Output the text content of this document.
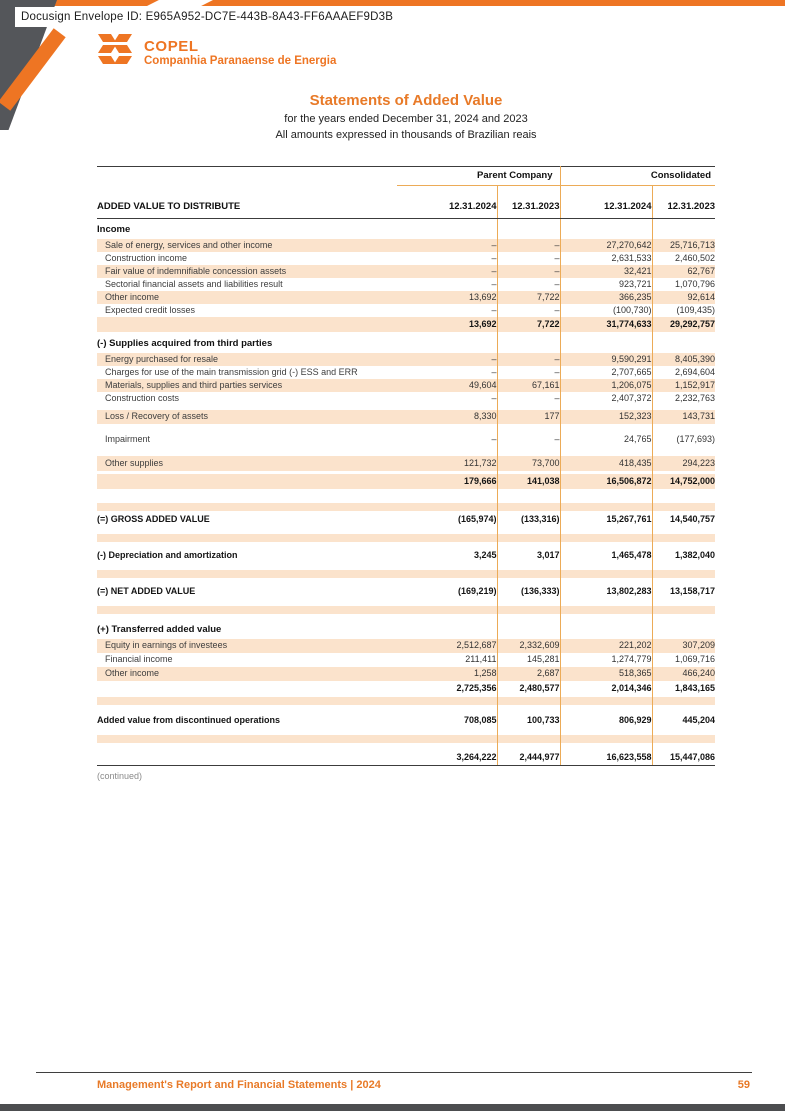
Docusign Envelope ID: E965A952-DC7E-443B-8A43-FF6AAAEF9D3B
COPEL
Companhia Paranaense de Energia
Statements of Added Value
for the years ended December 31, 2024 and 2023
All amounts expressed in thousands of Brazilian reais
	Parent Company		Consolidated	
ADDED VALUE TO DISTRIBUTE	12.31.2024	12.31.2023	12.31.2024	12.31.2023
Income				
Sale of energy, services and other income	–	–	27,270,642	25,716,713
Construction income	–	–	2,631,533	2,460,502
Fair value of indemnifiable concession assets	–	–	32,421	62,767
Sectorial financial assets and liabilities result	–	–	923,721	1,070,796
Other income	13,692	7,722	366,235	92,614
Expected credit losses	–	–	(100,730)	(109,435)
	13,692	7,722	31,774,633	29,292,757
(-) Supplies acquired from third parties				
Energy purchased for resale	–	–	9,590,291	8,405,390
Charges for use of the main transmission grid (-) ESS and ERR	–	–	2,707,665	2,694,604
Materials, supplies and third parties services	49,604	67,161	1,206,075	1,152,917
Construction costs	–	–	2,407,372	2,232,763

Loss / Recovery of assets	8,330	177	152,323	143,731

Impairment	–	–	24,765	(177,693)

Other supplies	121,732	73,700	418,435	294,223

	179,666	141,038	16,506,872	14,752,000

(=) GROSS ADDED VALUE	(165,974)	(133,316)	15,267,761	14,540,757

(-) Depreciation and amortization	3,245	3,017	1,465,478	1,382,040

(=) NET ADDED VALUE	(169,219)	(136,333)	13,802,283	13,158,717

(+) Transferred added value				
Equity in earnings of investees	2,512,687	2,332,609	221,202	307,209
Financial income	211,411	145,281	1,274,779	1,069,716
Other income	1,258	2,687	518,365	466,240
	2,725,356	2,480,577	2,014,346	1,843,165

Added value from discontinued operations	708,085	100,733	806,929	445,204

	3,264,222	2,444,977	16,623,558	15,447,086
(continued)
Management's Report and Financial Statements | 2024	59
